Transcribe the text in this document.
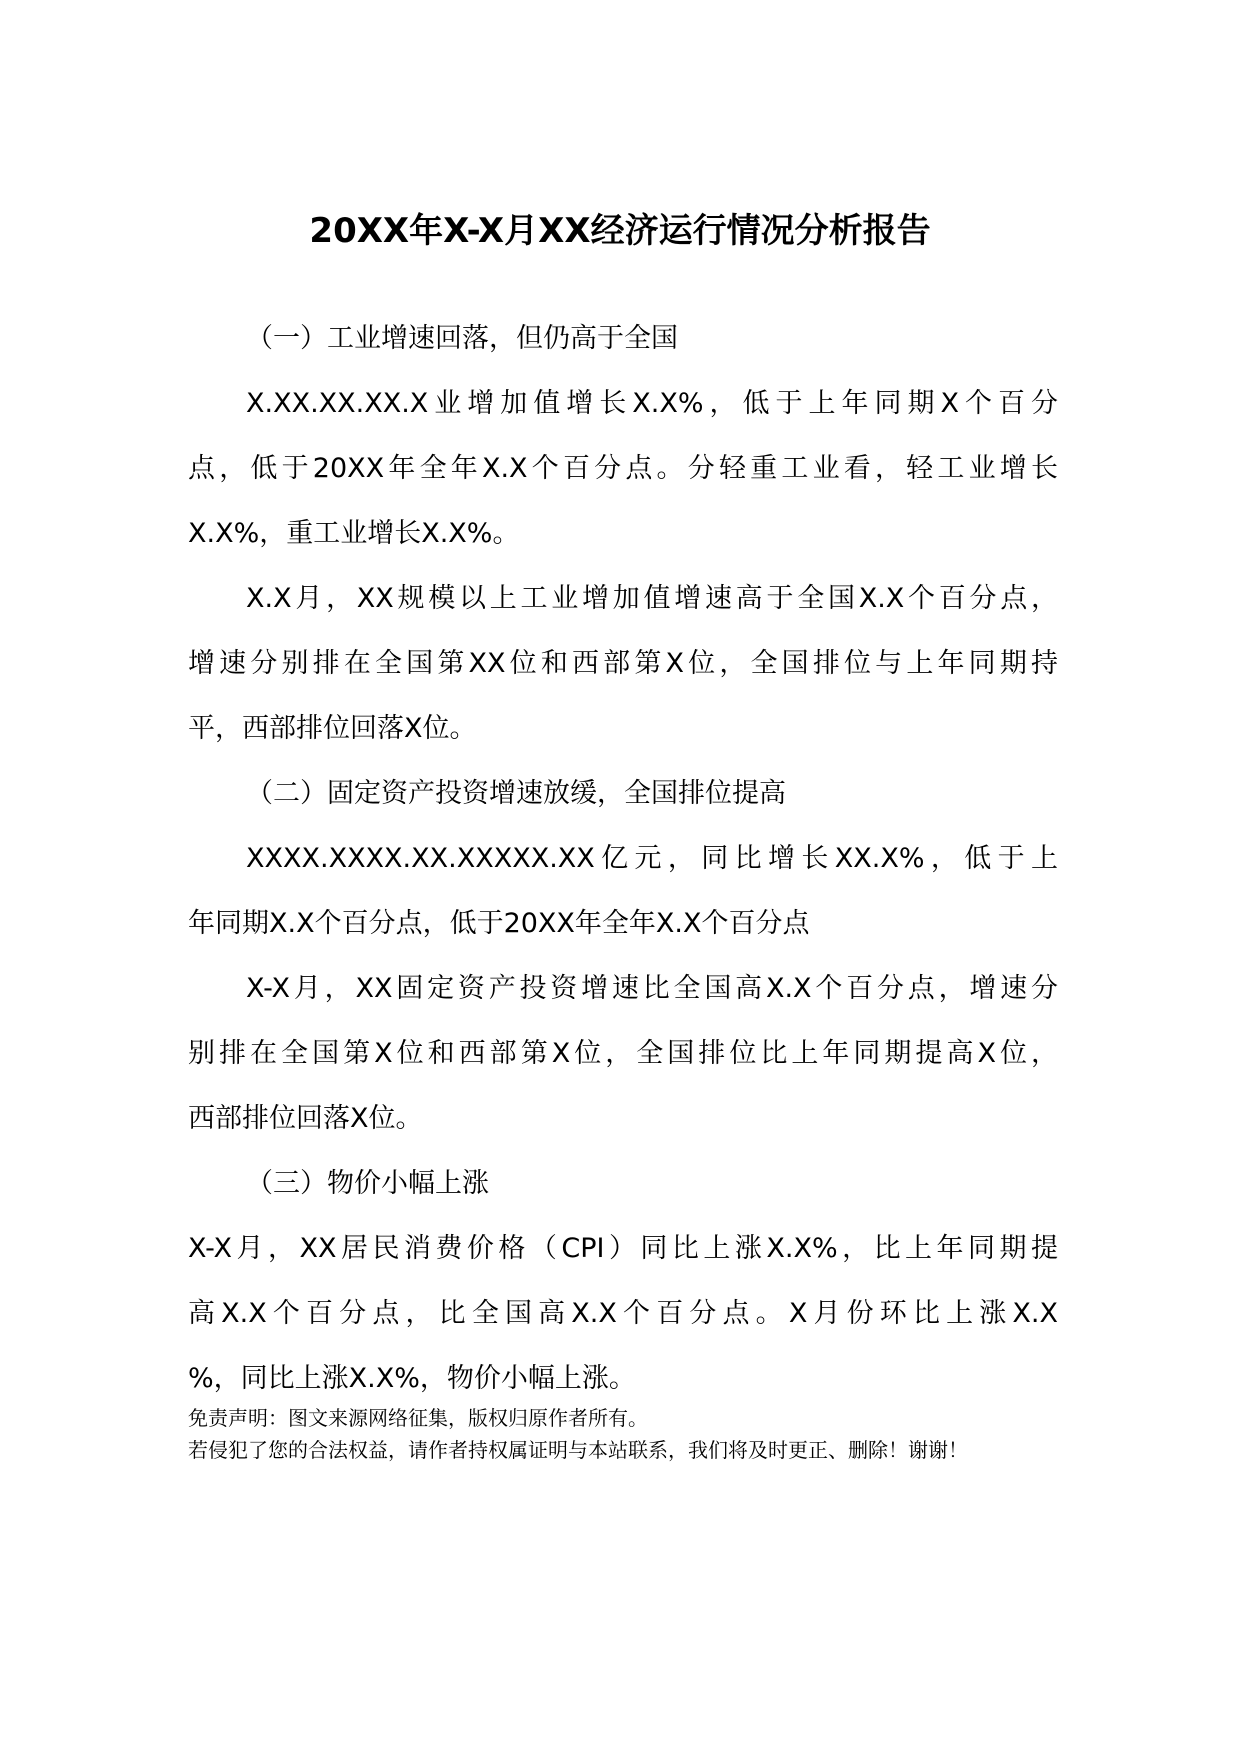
20XX年X-X月XX经济运行情况分析报告

（一）工业增速回落，但仍高于全国

X.XX.XX.XX.X业增加值增长X.X%，低于上年同期X个百分

点，低于20XX年全年X.X个百分点。分轻重工业看，轻工业增长

X.X%，重工业增长X.X%。

X.X月，XX规模以上工业增加值增速高于全国X.X个百分点，

增速分别排在全国第XX位和西部第X位，全国排位与上年同期持

平，西部排位回落X位。

（二）固定资产投资增速放缓，全国排位提高

XXXX.XXXX.XX.XXXXX.XX亿元，同比增长XX.X%，低于上

年同期X.X个百分点，低于20XX年全年X.X个百分点

X-X月，XX固定资产投资增速比全国高X.X个百分点，增速分

别排在全国第X位和西部第X位，全国排位比上年同期提高X位，

西部排位回落X位。

（三）物价小幅上涨

X-X月，XX居民消费价格（CPI）同比上涨X.X%，比上年同期提

高X.X个百分点，比全国高X.X个百分点。X月份环比上涨X.X

%，同比上涨X.X%，物价小幅上涨。

免责声明：图文来源网络征集，版权归原作者所有。

若侵犯了您的合法权益，请作者持权属证明与本站联系，我们将及时更正、删除！谢谢！
